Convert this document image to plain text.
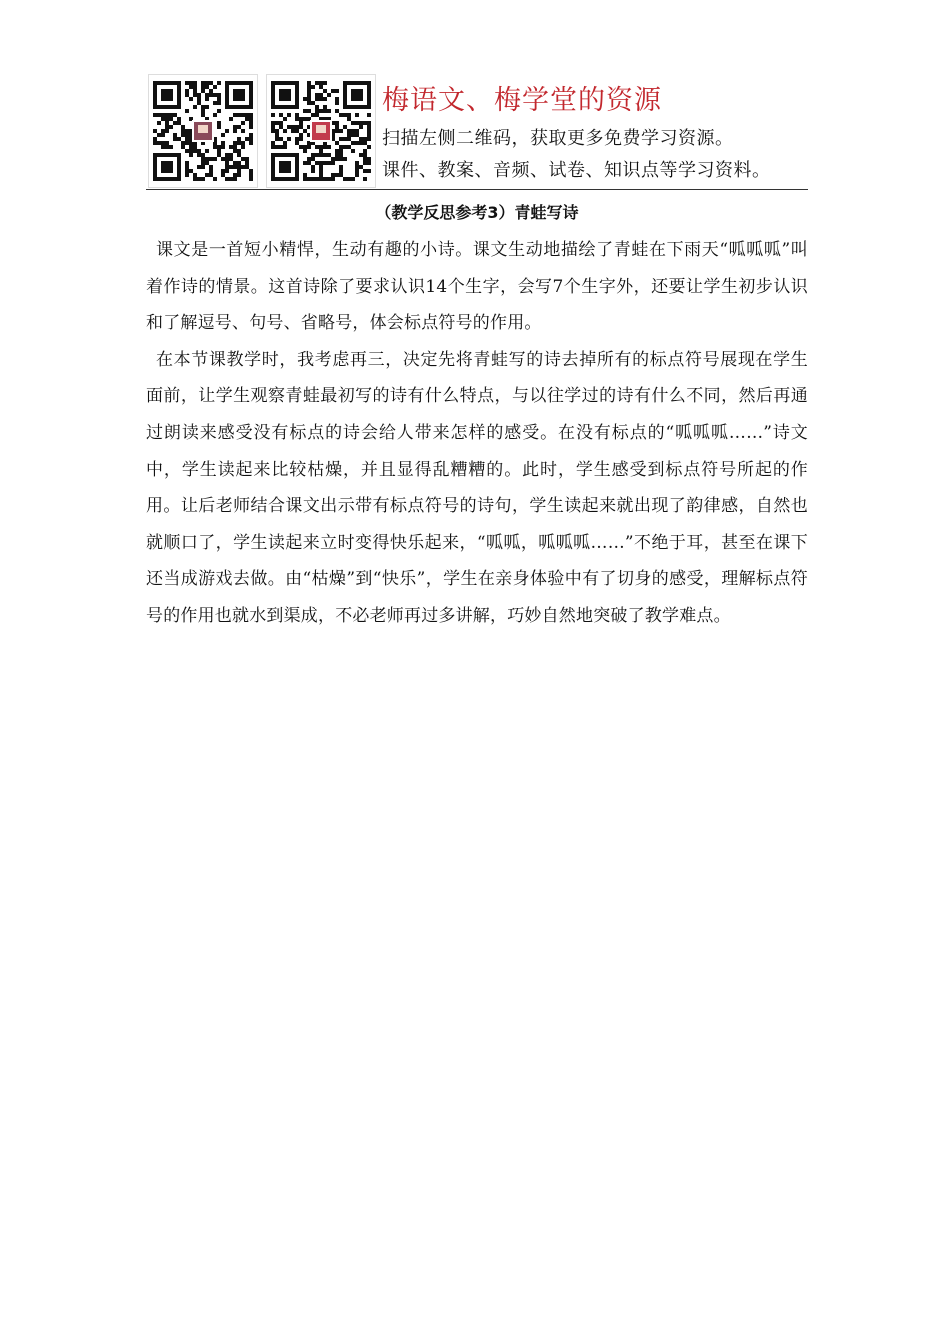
梅语文、梅学堂的资源
扫描左侧二维码，获取更多免费学习资源。
课件、教案、音频、试卷、知识点等学习资料。
（教学反思参考3）青蛙写诗

课文是一首短小精悍，生动有趣的小诗。课文生动地描绘了青蛙在下雨天“呱呱呱”叫着作诗的情景。这首诗除了要求认识14个生字，会写7个生字外，还要让学生初步认识和了解逗号、句号、省略号，体会标点符号的作用。

在本节课教学时，我考虑再三，决定先将青蛙写的诗去掉所有的标点符号展现在学生面前，让学生观察青蛙最初写的诗有什么特点，与以往学过的诗有什么不同，然后再通过朗读来感受没有标点的诗会给人带来怎样的感受。在没有标点的“呱呱呱……”诗文中，学生读起来比较枯燥，并且显得乱糟糟的。此时，学生感受到标点符号所起的作用。让后老师结合课文出示带有标点符号的诗句，学生读起来就出现了韵律感，自然也就顺口了，学生读起来立时变得快乐起来，“呱呱，呱呱呱……”不绝于耳，甚至在课下还当成游戏去做。由“枯燥”到“快乐”，学生在亲身体验中有了切身的感受，理解标点符号的作用也就水到渠成，不必老师再过多讲解，巧妙自然地突破了教学难点。
